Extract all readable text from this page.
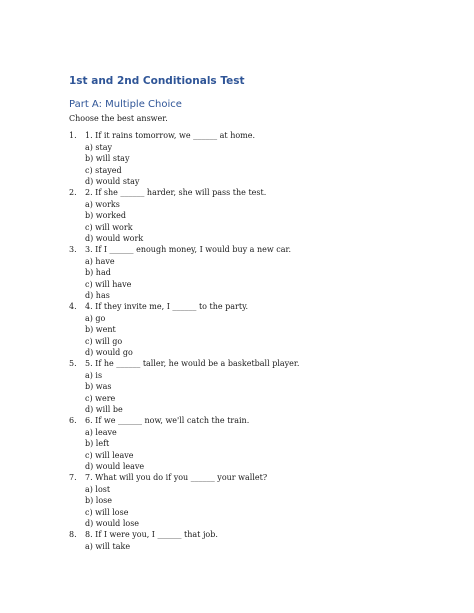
1st and 2nd Conditionals Test
Part A: Multiple Choice

Choose the best answer.

1. 1. If it rains tomorrow, we ______ at home.
a) stay
b) will stay
c) stayed
d) would stay
2. 2. If she ______ harder, she will pass the test.
a) works
b) worked
c) will work
d) would work
3. 3. If I ______ enough money, I would buy a new car.
a) have
b) had
c) will have
d) has
4. 4. If they invite me, I ______ to the party.
a) go
b) went
c) will go
d) would go
5. 5. If he ______ taller, he would be a basketball player.
a) is
b) was
c) were
d) will be
6. 6. If we ______ now, we'll catch the train.
a) leave
b) left
c) will leave
d) would leave
7. 7. What will you do if you ______ your wallet?
a) lost
b) lose
c) will lose
d) would lose
8. 8. If I were you, I ______ that job.
a) will take
